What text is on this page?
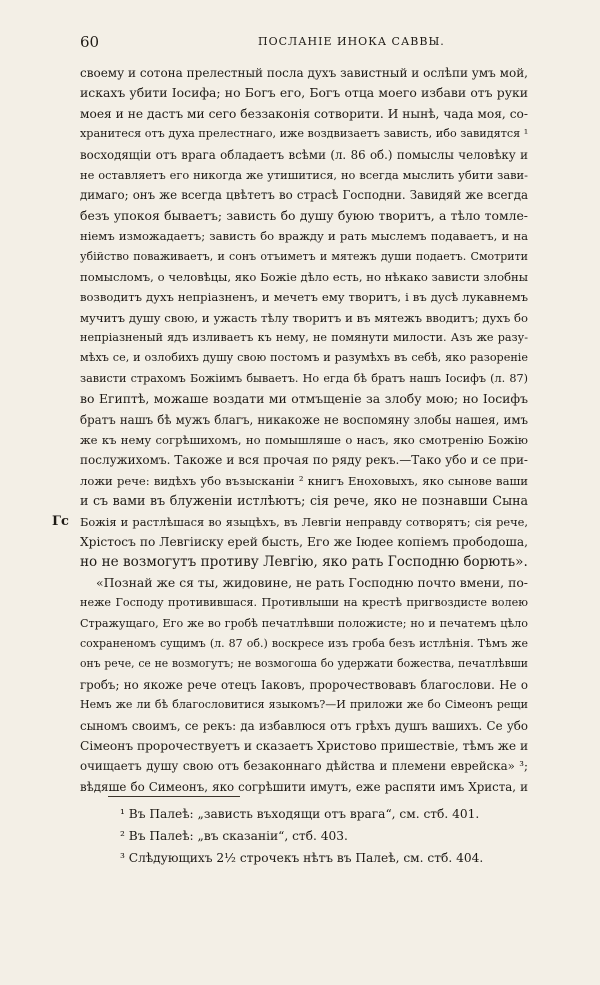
60	ПОСЛАНІЕ ИНОКА САВВЫ.
Гс
своему и сотона прелестный посла духъ завистный и ослѣпи умъ мой,
искахъ убити Іосифа; но Богъ его, Богъ отца моего избави отъ руки
моея и не дастъ ми сего беззаконія сотворити. И нынѣ, чада моя, со-
хранитеся отъ духа прелестнаго, иже воздвизаетъ зависть, ибо завидятся ¹
восходящіи отъ врага обладаетъ всѣми (л. 86 об.) помыслы человѣку и
не оставляетъ его никогда же утишитися, но всегда мыслить убити зави-
димаго; онъ же всегда цвѣтетъ во страсѣ Господни. Завидяй же всегда
безъ упокоя бываетъ; зависть бо душу буюю творитъ, а тѣло томле-
ніемъ изможадаетъ; зависть бо вражду и рать мыслемъ подаваетъ, и на
убійство поваживаетъ, и сонъ отъиметъ и мятежъ души подаетъ. Смотрити
помысломъ, о человѣцы, яко Божіе дѣло есть, но нѣкако зависти злобны
возводитъ духъ непріазненъ, и мечетъ ему творитъ, і въ дусѣ лукавнемъ
мучитъ душу свою, и ужасть тѣлу творитъ и въ мятежъ вводитъ; духъ бо
непріазненый ядъ изливаетъ къ нему, не помянути милости. Азъ же разу-
мѣхъ се, и озлобихъ душу свою постомъ и разумѣхъ въ себѣ, яко разореніе
зависти страхомъ Божіимъ бываетъ. Но егда бѣ братъ нашъ Іосифъ (л. 87)
во Египтѣ, можаше воздати ми отмъщеніе за злобу мою; но Іосифъ
братъ нашъ бѣ мужъ благъ, никакоже не воспомяну злобы нашея, имъ
же къ нему согрѣшихомъ, но помышляше о насъ, яко смотренію Божію
послужихомъ. Такоже и вся прочая по ряду рекъ.—Тако убо и се при-
ложи рече: видѣхъ убо възысканіи ² книгъ Еноховыхъ, яко сынове ваши
и съ вами въ блуженіи истлѣютъ; сія рече, яко не познавши Сына
Божія и растлѣшася во языцѣхъ, въ Левгіи неправду сотворятъ; сія рече,
Хрістосъ по Левгіиску ерей бысть, Его же Іюдее копіемъ прободоша,
но не возмогутъ противу Левгію, яко рать Господню борють».
«Познай же ся ты, жидовине, не рать Господню почто вмени, по-
неже Господу противившася. Противлыши на крестѣ пригвоздисте волею
Стражущаго, Его же во гробѣ печатлѣвши положисте; но и печатемъ цѣло
сохраненомъ сущимъ (л. 87 об.) воскресе изъ гроба безъ истлѣнія. Тѣмъ же
онъ рече, се не возмогутъ; не возмогоша бо удержати божества, печатлѣвши
гробъ; но якоже рече отецъ Іаковъ, пророчествовавъ благослови. Не о
Немъ же ли бѣ благословитися языкомъ?—И приложи же бо Сімеонъ рещи
сыномъ своимъ, се рекъ: да избавлюся отъ грѣхъ душъ вашихъ. Се убо
Сімеонъ пророчествуетъ и сказаетъ Христово пришествіе, тѣмъ же и
очищаетъ душу свою отъ безаконнаго дѣйства и племени еврейска» ³;
вѣдяше бо Симеонъ, яко согрѣшити имутъ, еже распяти имъ Христа, и
¹ Въ Палеѣ: „зависть въходящи отъ врага“, см. стб. 401.
² Въ Палеѣ: „въ сказаніи“, стб. 403.
³ Слѣдующихъ 2½ строчекъ нѣтъ въ Палеѣ, см. стб. 404.
